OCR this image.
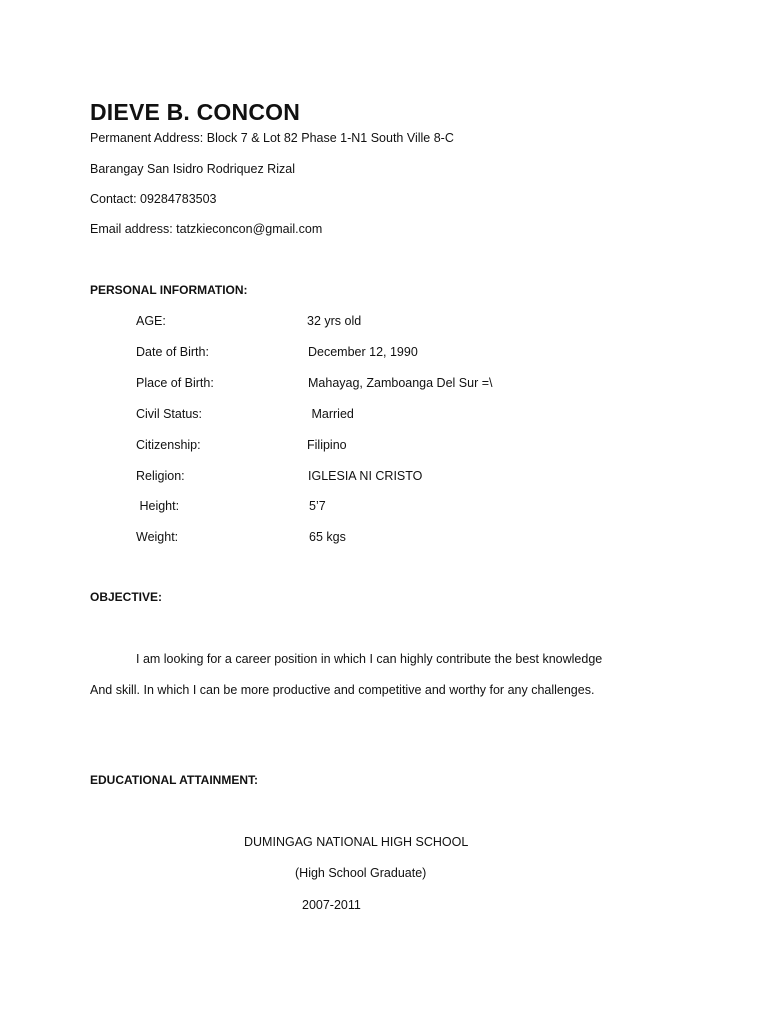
DIEVE B. CONCON
Permanent Address: Block 7 & Lot 82 Phase 1-N1 South Ville 8-C
Barangay San Isidro Rodriquez Rizal
Contact: 09284783503
Email address: tatzkieconcon@gmail.com
PERSONAL INFORMATION:
AGE:	32 yrs old
Date of Birth:	December 12, 1990
Place of Birth:	Mahayag, Zamboanga Del Sur =\
Civil Status:	Married
Citizenship:	Filipino
Religion:	IGLESIA NI CRISTO
Height:	5’7
Weight:	65 kgs
OBJECTIVE:
I am looking for a career position in which I can highly contribute the best knowledge
And skill. In which I can be more productive and competitive and worthy for any challenges.
EDUCATIONAL ATTAINMENT:
DUMINGAG NATIONAL HIGH SCHOOL
(High School Graduate)
2007-2011
